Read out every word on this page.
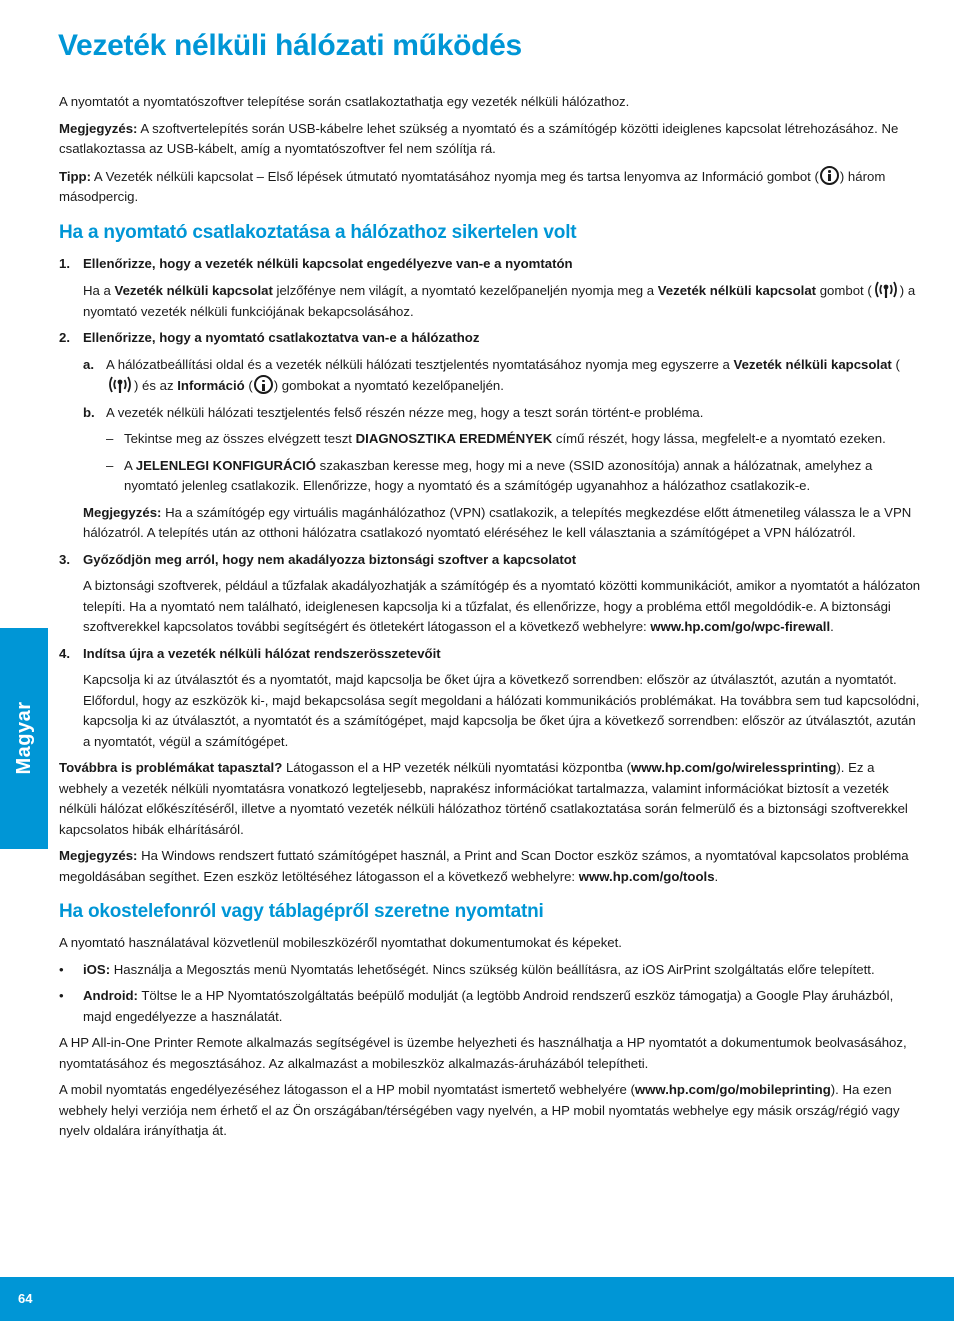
Vezeték nélküli hálózati működés

A nyomtatót a nyomtatószoftver telepítése során csatlakoztathatja egy vezeték nélküli hálózathoz.

Megjegyzés: A szoftvertelepítés során USB-kábelre lehet szükség a nyomtató és a számítógép közötti ideiglenes kapcsolat létrehozásához. Ne csatlakoztassa az USB-kábelt, amíg a nyomtatószoftver fel nem szólítja rá.

Tipp: A Vezeték nélküli kapcsolat – Első lépések útmutató nyomtatásához nyomja meg és tartsa lenyomva az Információ gombot ( ) három másodpercig.

Ha a nyomtató csatlakoztatása a hálózathoz sikertelen volt
1. Ellenőrizze, hogy a vezeték nélküli kapcsolat engedélyezve van-e a nyomtatón

Ha a Vezeték nélküli kapcsolat jelzőfénye nem világít, a nyomtató kezelőpaneljén nyomja meg a Vezeték nélküli kapcsolat gombot ( ) a nyomtató vezeték nélküli funkciójának bekapcsolásához.

2. Ellenőrizze, hogy a nyomtató csatlakoztatva van-e a hálózathoz
a. A hálózatbeállítási oldal és a vezeték nélküli hálózati tesztjelentés nyomtatásához nyomja meg egyszerre a Vezeték nélküli kapcsolat () és az Információ ( ) gombokat a nyomtató kezelőpaneljén.
b. A vezeték nélküli hálózati tesztjelentés felső részén nézze meg, hogy a teszt során történt-e probléma.
– Tekintse meg az összes elvégzett teszt DIAGNOSZTIKA EREDMÉNYEK című részét, hogy lássa, megfelelt-e a nyomtató ezeken.
– A JELENLEGI KONFIGURÁCIÓ szakaszban keresse meg, hogy mi a neve (SSID azonosítója) annak a hálózatnak, amelyhez a nyomtató jelenleg csatlakozik. Ellenőrizze, hogy a nyomtató és a számítógép ugyanahhoz a hálózathoz csatlakozik-e.

Megjegyzés: Ha a számítógép egy virtuális magánhálózathoz (VPN) csatlakozik, a telepítés megkezdése előtt átmenetileg válassza le a VPN hálózatról. A telepítés után az otthoni hálózatra csatlakozó nyomtató eléréséhez le kell választania a számítógépet a VPN hálózatról.

3. Győződjön meg arról, hogy nem akadályozza biztonsági szoftver a kapcsolatot

A biztonsági szoftverek, például a tűzfalak akadályozhatják a számítógép és a nyomtató közötti kommunikációt, amikor a nyomtatót a hálózaton telepíti. Ha a nyomtató nem található, ideiglenesen kapcsolja ki a tűzfalat, és ellenőrizze, hogy a probléma ettől megoldódik-e. A biztonsági szoftverekkel kapcsolatos további segítségért és ötletekért látogasson el a következő webhelyre: www.hp.com/go/wpc-firewall.

4. Indítsa újra a vezeték nélküli hálózat rendszerösszetevőit

Kapcsolja ki az útválasztót és a nyomtatót, majd kapcsolja be őket újra a következő sorrendben: először az útválasztót, azután a nyomtatót. Előfordul, hogy az eszközök ki-, majd bekapcsolása segít megoldani a hálózati kommunikációs problémákat. Ha továbbra sem tud kapcsolódni, kapcsolja ki az útválasztót, a nyomtatót és a számítógépet, majd kapcsolja be őket újra a következő sorrendben: először az útválasztót, azután a nyomtatót, végül a számítógépet.

Továbbra is problémákat tapasztal? Látogasson el a HP vezeték nélküli nyomtatási központba (www.hp.com/go/wirelessprinting). Ez a webhely a vezeték nélküli nyomtatásra vonatkozó legteljesebb, naprakész információkat tartalmazza, valamint információkat biztosít a vezeték nélküli hálózat előkészítéséről, illetve a nyomtató vezeték nélküli hálózathoz történő csatlakoztatása során felmerülő és a biztonsági szoftverekkel kapcsolatos hibák elhárításáról.

Megjegyzés: Ha Windows rendszert futtató számítógépet használ, a Print and Scan Doctor eszköz számos, a nyomtatóval kapcsolatos probléma megoldásában segíthet. Ezen eszköz letöltéséhez látogasson el a következő webhelyre: www.hp.com/go/tools.

Ha okostelefonról vagy táblagépről szeretne nyomtatni

A nyomtató használatával közvetlenül mobileszközéről nyomtathat dokumentumokat és képeket.

•	iOS: Használja a Megosztás menü Nyomtatás lehetőségét. Nincs szükség külön beállításra, az iOS AirPrint szolgáltatás előre telepített.
•	Android: Töltse le a HP Nyomtatószolgáltatás beépülő modulját (a legtöbb Android rendszerű eszköz támogatja) a Google Play áruházból, majd engedélyezze a használatát.

A HP All-in-One Printer Remote alkalmazás segítségével is üzembe helyezheti és használhatja a HP nyomtatót a dokumentumok beolvasásához, nyomtatásához és megosztásához. Az alkalmazást a mobileszköz alkalmazás-áruházából telepítheti.

A mobil nyomtatás engedélyezéséhez látogasson el a HP mobil nyomtatást ismertető webhelyére (www.hp.com/go/mobileprinting). Ha ezen webhely helyi verziója nem érhető el az Ön országában/térségében vagy nyelvén, a HP mobil nyomtatás webhelye egy másik ország/régió vagy nyelv oldalára irányíthatja át.

Magyar
64
